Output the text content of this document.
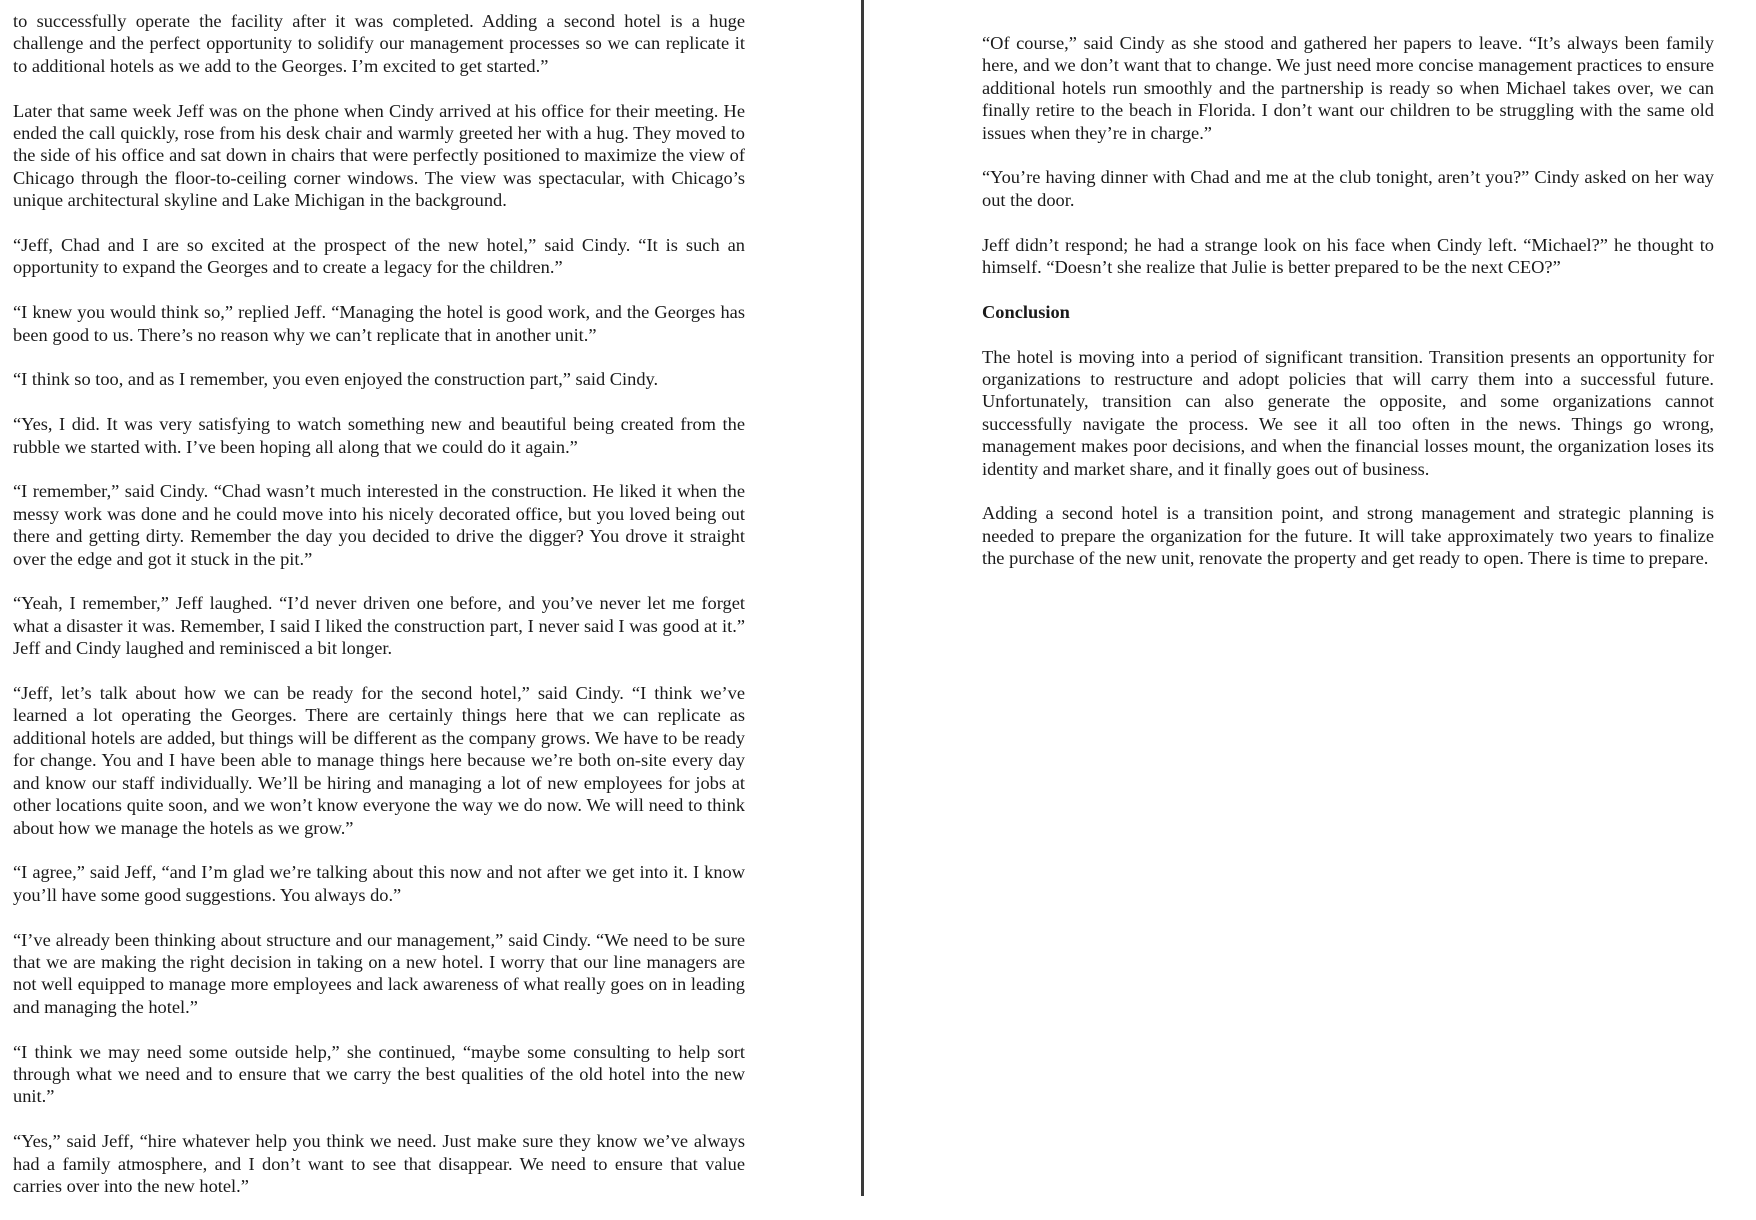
to successfully operate the facility after it was completed. Adding a second hotel is a huge challenge and the perfect opportunity to solidify our management processes so we can replicate it to additional hotels as we add to the Georges. I’m excited to get started.”

Later that same week Jeff was on the phone when Cindy arrived at his office for their meeting. He ended the call quickly, rose from his desk chair and warmly greeted her with a hug. They moved to the side of his office and sat down in chairs that were perfectly positioned to maximize the view of Chicago through the floor-to-ceiling corner windows. The view was spectacular, with Chicago’s unique architectural skyline and Lake Michigan in the background.

“Jeff, Chad and I are so excited at the prospect of the new hotel,” said Cindy. “It is such an opportunity to expand the Georges and to create a legacy for the children.”

“I knew you would think so,” replied Jeff. “Managing the hotel is good work, and the Georges has been good to us. There’s no reason why we can’t replicate that in another unit.”

“I think so too, and as I remember, you even enjoyed the construction part,” said Cindy.

“Yes, I did. It was very satisfying to watch something new and beautiful being created from the rubble we started with. I’ve been hoping all along that we could do it again.”

“I remember,” said Cindy. “Chad wasn’t much interested in the construction. He liked it when the messy work was done and he could move into his nicely decorated office, but you loved being out there and getting dirty. Remember the day you decided to drive the digger? You drove it straight over the edge and got it stuck in the pit.”

“Yeah, I remember,” Jeff laughed. “I’d never driven one before, and you’ve never let me forget what a disaster it was. Remember, I said I liked the construction part, I never said I was good at it.” Jeff and Cindy laughed and reminisced a bit longer.

“Jeff, let’s talk about how we can be ready for the second hotel,” said Cindy. “I think we’ve learned a lot operating the Georges. There are certainly things here that we can replicate as additional hotels are added, but things will be different as the company grows. We have to be ready for change. You and I have been able to manage things here because we’re both on-site every day and know our staff individually. We’ll be hiring and managing a lot of new employees for jobs at other locations quite soon, and we won’t know everyone the way we do now. We will need to think about how we manage the hotels as we grow.”

“I agree,” said Jeff, “and I’m glad we’re talking about this now and not after we get into it. I know you’ll have some good suggestions. You always do.”

“I’ve already been thinking about structure and our management,” said Cindy. “We need to be sure that we are making the right decision in taking on a new hotel. I worry that our line managers are not well equipped to manage more employees and lack awareness of what really goes on in leading and managing the hotel.”

“I think we may need some outside help,” she continued, “maybe some consulting to help sort through what we need and to ensure that we carry the best qualities of the old hotel into the new unit.”

“Yes,” said Jeff, “hire whatever help you think we need. Just make sure they know we’ve always had a family atmosphere, and I don’t want to see that disappear. We need to ensure that value carries over into the new hotel.”

“Of course,” said Cindy as she stood and gathered her papers to leave. “It’s always been family here, and we don’t want that to change. We just need more concise management practices to ensure additional hotels run smoothly and the partnership is ready so when Michael takes over, we can finally retire to the beach in Florida. I don’t want our children to be struggling with the same old issues when they’re in charge.”

“You’re having dinner with Chad and me at the club tonight, aren’t you?” Cindy asked on her way out the door.

Jeff didn’t respond; he had a strange look on his face when Cindy left. “Michael?” he thought to himself. “Doesn’t she realize that Julie is better prepared to be the next CEO?”

Conclusion

The hotel is moving into a period of significant transition. Transition presents an opportunity for organizations to restructure and adopt policies that will carry them into a successful future. Unfortunately, transition can also generate the opposite, and some organizations cannot successfully navigate the process. We see it all too often in the news. Things go wrong, management makes poor decisions, and when the financial losses mount, the organization loses its identity and market share, and it finally goes out of business.

Adding a second hotel is a transition point, and strong management and strategic planning is needed to prepare the organization for the future. It will take approximately two years to finalize the purchase of the new unit, renovate the property and get ready to open. There is time to prepare.
